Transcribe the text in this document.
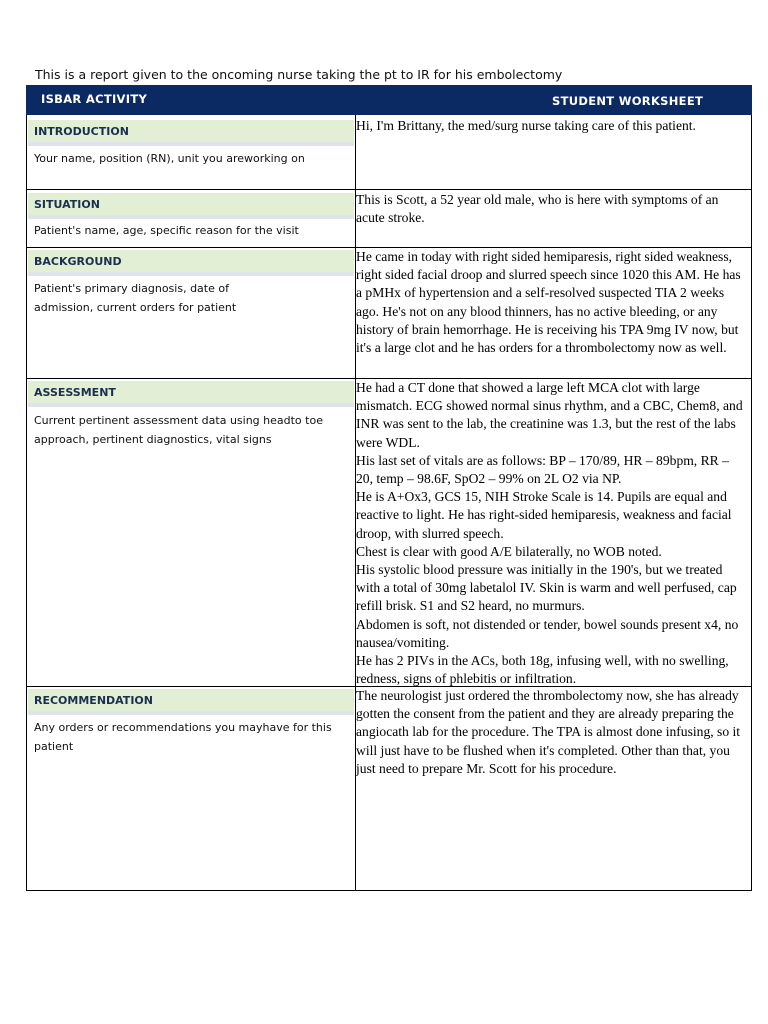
This is a report given to the oncoming nurse taking the pt to IR for his embolectomy
ISBAR ACTIVITY	STUDENT WORKSHEET
INTRODUCTION
Your name, position (RN), unit you areworking on

Hi, I'm Brittany, the med/surg nurse taking care of this patient.

SITUATION
Patient's name, age, specific reason for the visit

This is Scott, a 52 year old male, who is here with symptoms of an acute stroke.

BACKGROUND
Patient's primary diagnosis, date of admission, current orders for patient

He came in today with right sided hemiparesis, right sided weakness, right sided facial droop and slurred speech since 1020 this AM. He has a pMHx of hypertension and a self-resolved suspected TIA 2 weeks ago. He's not on any blood thinners, has no active bleeding, or any history of brain hemorrhage. He is receiving his TPA 9mg IV now, but it's a large clot and he has orders for a thrombolectomy now as well.

ASSESSMENT
Current pertinent assessment data using headto toe approach, pertinent diagnostics, vital signs

He had a CT done that showed a large left MCA clot with large mismatch. ECG showed normal sinus rhythm, and a CBC, Chem8, and INR was sent to the lab, the creatinine was 1.3, but the rest of the labs were WDL.

His last set of vitals are as follows: BP – 170/89, HR – 89bpm, RR – 20, temp – 98.6F, SpO2 – 99% on 2L O2 via NP.

He is A+Ox3, GCS 15, NIH Stroke Scale is 14. Pupils are equal and reactive to light. He has right-sided hemiparesis, weakness and facial droop, with slurred speech.

Chest is clear with good A/E bilaterally, no WOB noted.

His systolic blood pressure was initially in the 190's, but we treated with a total of 30mg labetalol IV. Skin is warm and well perfused, cap refill brisk. S1 and S2 heard, no murmurs.

Abdomen is soft, not distended or tender, bowel sounds present x4, no nausea/vomiting.

He has 2 PIVs in the ACs, both 18g, infusing well, with no swelling, redness, signs of phlebitis or infiltration.

RECOMMENDATION
Any orders or recommendations you mayhave for this patient

The neurologist just ordered the thrombolectomy now, she has already gotten the consent from the patient and they are already preparing the angiocath lab for the procedure. The TPA is almost done infusing, so it will just have to be flushed when it's completed. Other than that, you just need to prepare Mr. Scott for his procedure.
